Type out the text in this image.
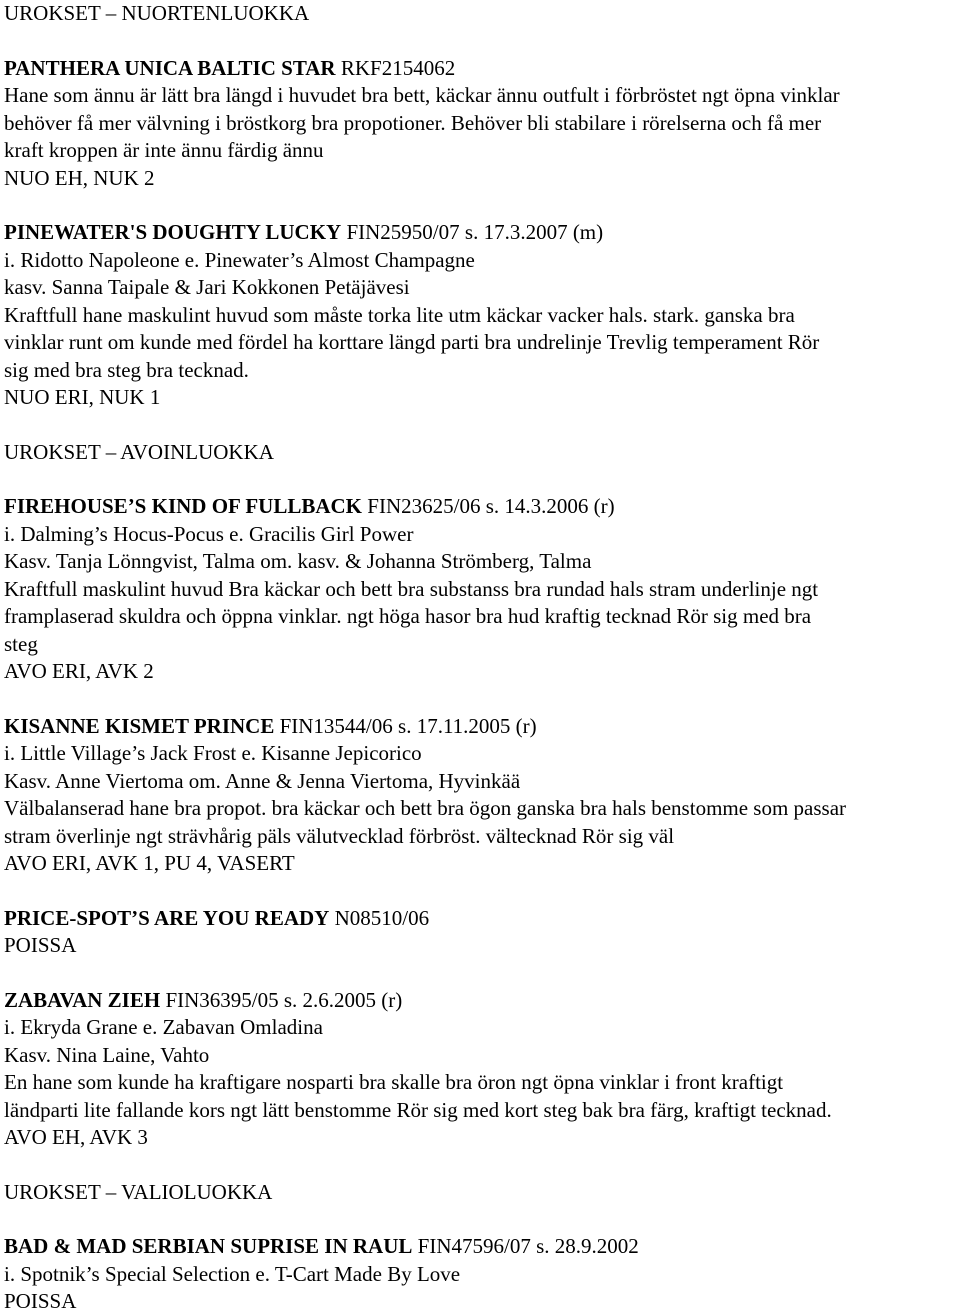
UROKSET – NUORTENLUOKKA
PANTHERA UNICA BALTIC STAR RKF2154062
Hane som ännu är lätt bra längd i huvudet bra bett, käckar ännu outfult i förbröstet ngt öpna vinklar
behöver få mer välvning i bröstkorg bra propotioner. Behöver bli stabilare i rörelserna och få mer
kraft kroppen är inte ännu färdig ännu
NUO EH, NUK 2
PINEWATER'S DOUGHTY LUCKY FIN25950/07 s. 17.3.2007 (m)
i. Ridotto Napoleone e. Pinewater’s Almost Champagne
kasv. Sanna Taipale & Jari Kokkonen Petäjävesi
Kraftfull hane maskulint huvud som måste torka lite utm käckar vacker hals. stark. ganska bra
vinklar runt om kunde med fördel ha korttare längd parti bra undrelinje Trevlig temperament Rör
sig med bra steg bra tecknad.
NUO ERI, NUK 1
UROKSET – AVOINLUOKKA
FIREHOUSE’S KIND OF FULLBACK FIN23625/06 s. 14.3.2006 (r)
i. Dalming’s Hocus-Pocus e. Gracilis Girl Power
Kasv. Tanja Lönngvist, Talma om. kasv. & Johanna Strömberg, Talma
Kraftfull maskulint huvud Bra käckar och bett bra substanss bra rundad hals stram underlinje ngt
framplaserad skuldra och öppna vinklar. ngt höga hasor bra hud kraftig tecknad Rör sig med bra
steg
AVO ERI, AVK 2
KISANNE KISMET PRINCE FIN13544/06 s. 17.11.2005 (r)
i. Little Village’s Jack Frost e. Kisanne Jepicorico
Kasv. Anne Viertoma om. Anne & Jenna Viertoma, Hyvinkää
Välbalanserad hane bra propot. bra käckar och bett bra ögon ganska bra hals benstomme som passar
stram överlinje ngt strävhårig päls välutvecklad förbröst. vältecknad Rör sig väl
AVO ERI, AVK 1, PU 4, VASERT
PRICE-SPOT’S ARE YOU READY N08510/06
POISSA
ZABAVAN ZIEH FIN36395/05 s. 2.6.2005 (r)
i. Ekryda Grane e. Zabavan Omladina
Kasv. Nina Laine, Vahto
En hane som kunde ha kraftigare nosparti bra skalle bra öron ngt öpna vinklar i front kraftigt
ländparti lite fallande kors ngt lätt benstomme Rör sig med kort steg bak bra färg, kraftigt tecknad.
AVO EH, AVK 3
UROKSET – VALIOLUOKKA
BAD & MAD SERBIAN SUPRISE IN RAUL FIN47596/07 s. 28.9.2002
i. Spotnik’s Special Selection e. T-Cart Made By Love
POISSA
